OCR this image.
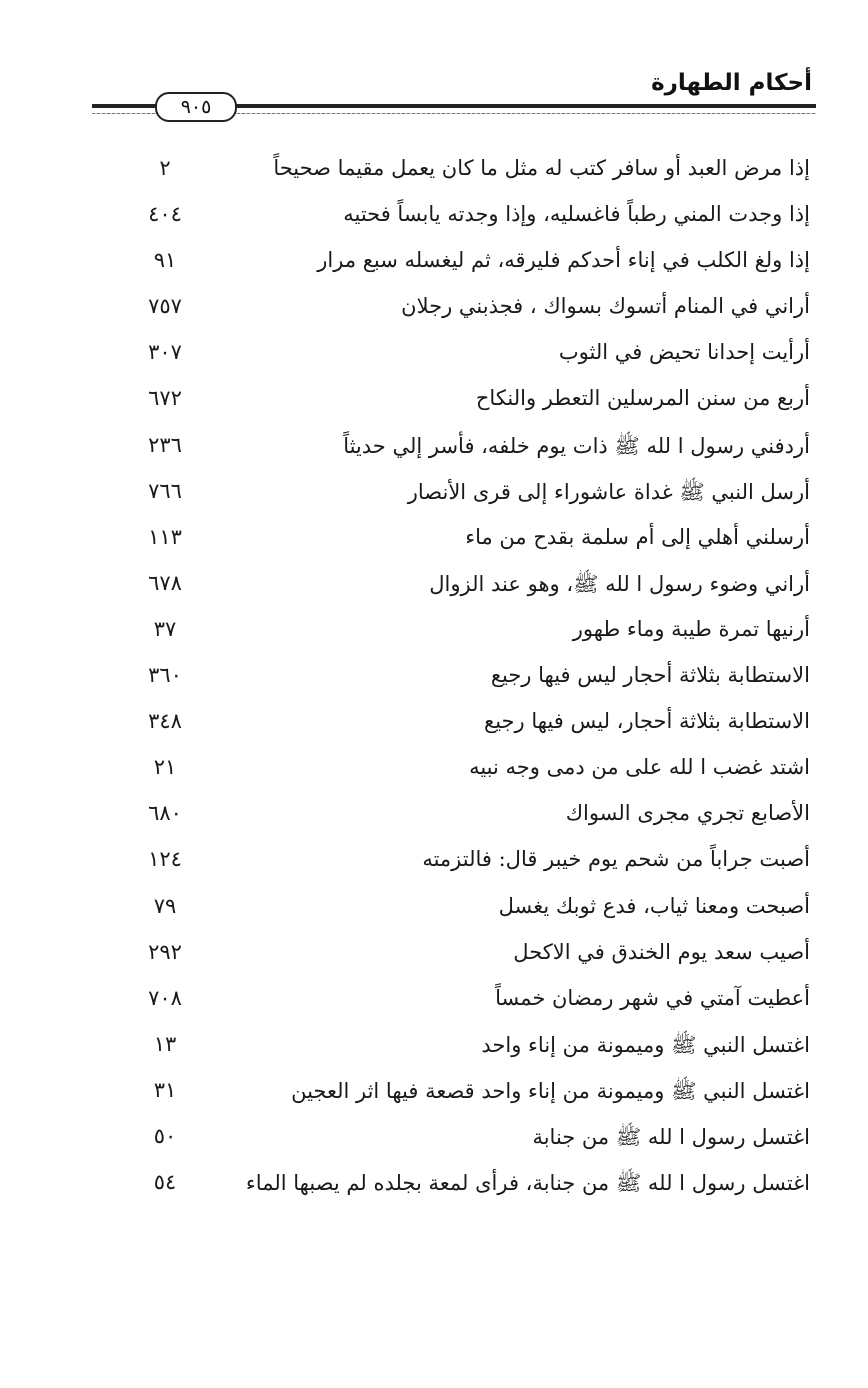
أحكام الطهارة
٩٠٥
إذا مرض العبد أو سافر كتب له مثل ما كان يعمل مقيما صحيحاً
٢
إذا وجدت المني رطباً فاغسليه، وإذا وجدته يابساً فحتيه
٤٠٤
إذا ولغ الكلب في إناء أحدكم فليرقه، ثم ليغسله سبع مرار
٩١
أراني في المنام أتسوك بسواك ، فجذبني رجلان
٧٥٧
أرأيت إحدانا تحيض في الثوب
٣٠٧
أربع من سنن المرسلين التعطر والنكاح
٦٧٢
أردفني رسول ا لله ﷺ ذات يوم خلفه، فأسر إلي حديثاً
٢٣٦
أرسل النبي ﷺ غداة عاشوراء إلى قرى الأنصار
٧٦٦
أرسلني أهلي إلى أم سلمة بقدح من ماء
١١٣
أراني وضوء رسول ا لله ﷺ، وهو عند الزوال
٦٧٨
أرنيها تمرة طيبة وماء طهور
٣٧
الاستطابة بثلاثة أحجار ليس فيها رجيع
٣٦٠
الاستطابة بثلاثة أحجار، ليس فيها رجيع
٣٤٨
اشتد غضب ا لله على من دمى وجه نبيه
٢١
الأصابع تجري مجرى السواك
٦٨٠
أصبت جراباً من شحم يوم خيبر قال: فالتزمته
١٢٤
أصبحت ومعنا ثياب، فدع ثوبك يغسل
٧٩
أصيب سعد يوم الخندق في الاكحل
٢٩٢
أعطيت آمتي في شهر رمضان خمساً
٧٠٨
اغتسل النبي ﷺ وميمونة من إناء واحد
١٣
اغتسل النبي ﷺ وميمونة من إناء واحد قصعة فيها اثر العجين
٣١
اغتسل رسول ا لله ﷺ من جنابة
٥٠
اغتسل رسول ا لله ﷺ من جنابة، فرأى لمعة بجلده لم يصبها الماء
٥٤
